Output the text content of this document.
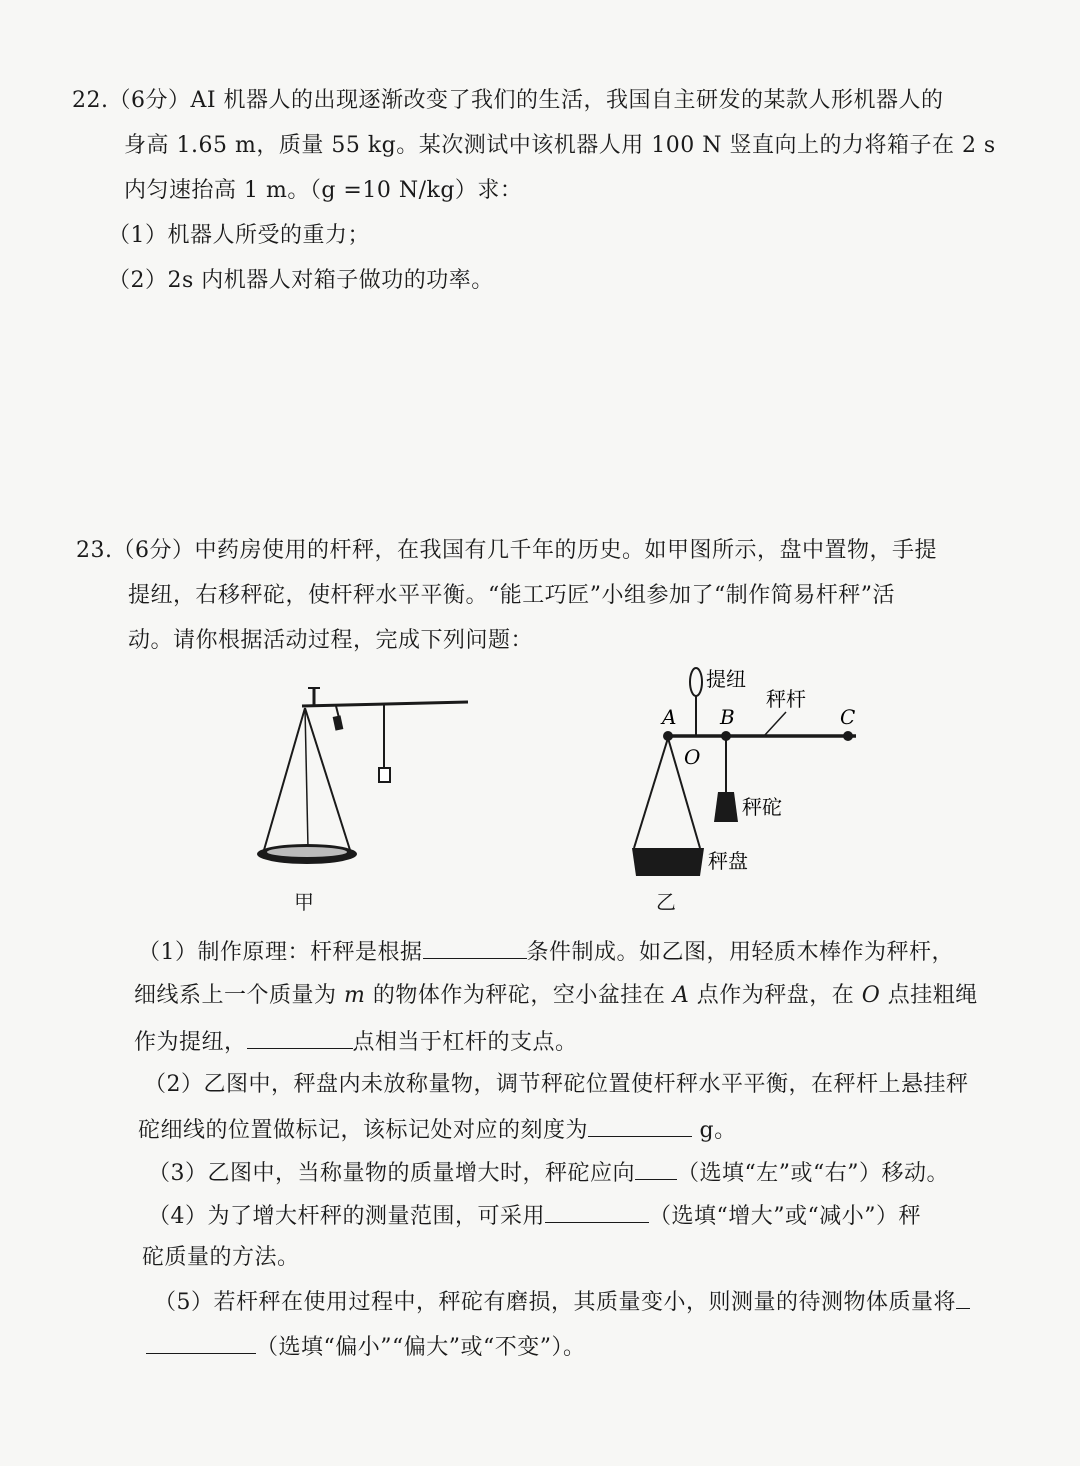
22.（6分）AI 机器人的出现逐渐改变了我们的生活，我国自主研发的某款人形机器人的
身高 1.65 m，质量 55 kg。某次测试中该机器人用 100 N 竖直向上的力将箱子在 2 s
内匀速抬高 1 m。（g =10 N/kg）求：
（1）机器人所受的重力；
（2）2s 内机器人对箱子做功的功率。
23.（6分）中药房使用的杆秤，在我国有几千年的历史。如甲图所示，盘中置物，手提
提纽，右移秤砣，使杆秤水平平衡。“能工巧匠”小组参加了“制作简易杆秤”活
动。请你根据活动过程，完成下列问题：
甲
提纽
A B	C
O
秤杆
秤砣
秤盘
乙
（1）制作原理：杆秤是根据	条件制成。如乙图，用轻质木棒作为秤杆，
细线系上一个质量为 m 的物体作为秤砣，空小盆挂在 A 点作为秤盘，在 O 点挂粗绳
作为提纽，	点相当于杠杆的支点。
（2）乙图中，秤盘内未放称量物，调节秤砣位置使杆秤水平平衡，在秤杆上悬挂秤
砣细线的位置做标记，该标记处对应的刻度为	g。
（3）乙图中，当称量物的质量增大时，秤砣应向 （选填“左”或“右”）移动。
（4）为了增大杆秤的测量范围，可采用	（选填“增大”或“减小”）秤
砣质量的方法。
（5）若杆秤在使用过程中，秤砣有磨损，其质量变小，则测量的待测物体质量将
（选填“偏小”“偏大”或“不变”）。
